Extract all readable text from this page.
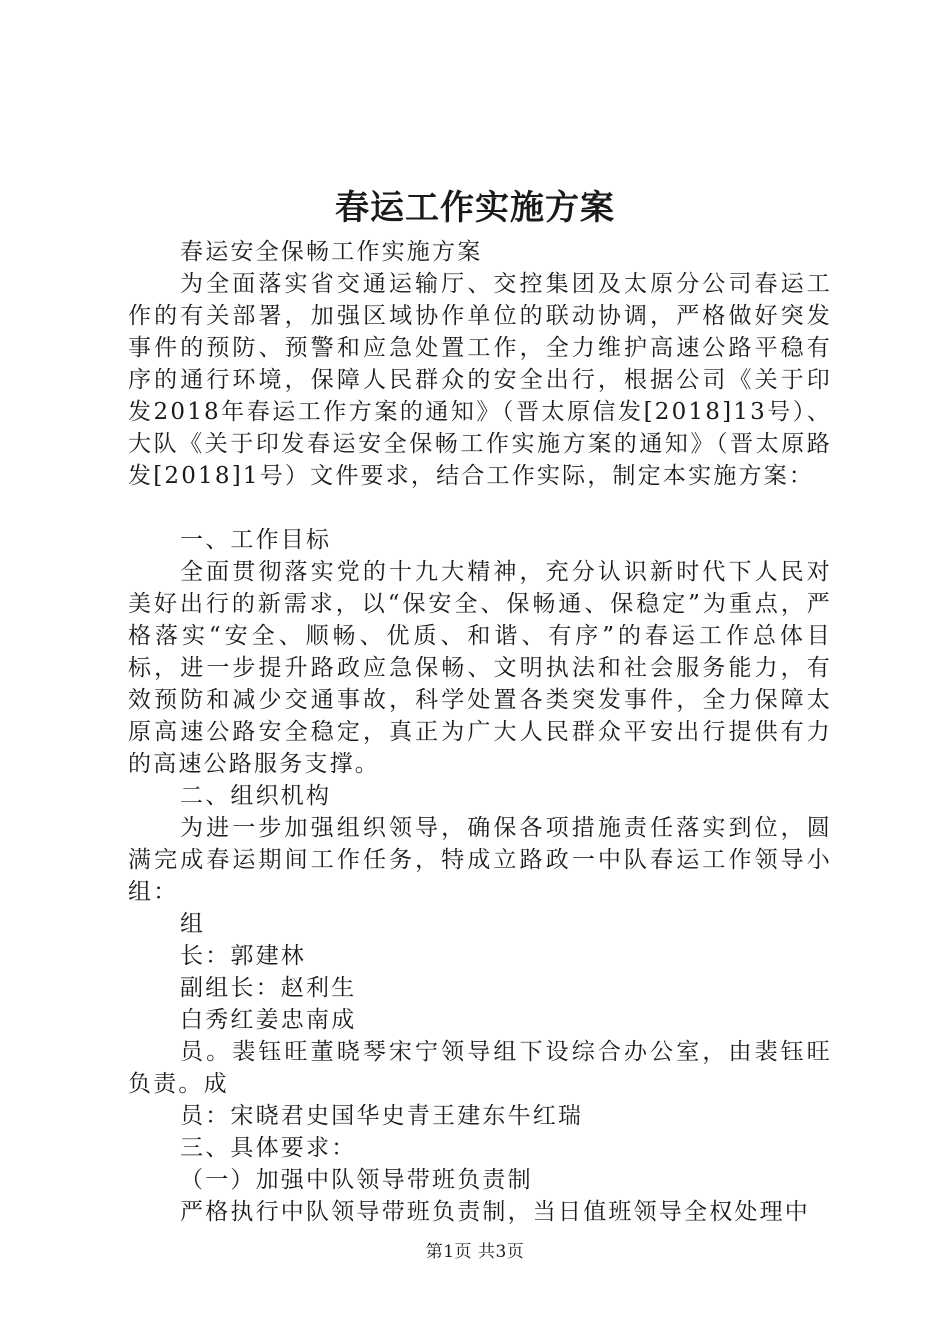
春运工作实施方案

春运安全保畅工作实施方案

为全面落实省交通运输厅、交控集团及太原分公司春运工作的有关部署，加强区域协作单位的联动协调，严格做好突发事件的预防、预警和应急处置工作，全力维护高速公路平稳有序的通行环境，保障人民群众的安全出行，根据公司《关于印发2018年春运工作方案的通知》（晋太原信发[2018]13号）、大队《关于印发春运安全保畅工作实施方案的通知》（晋太原路发[2018]1号）文件要求，结合工作实际，制定本实施方案：

一、工作目标

全面贯彻落实党的十九大精神，充分认识新时代下人民对美好出行的新需求，以“保安全、保畅通、保稳定”为重点，严格落实“安全、顺畅、优质、和谐、有序”的春运工作总体目标，进一步提升路政应急保畅、文明执法和社会服务能力，有效预防和减少交通事故，科学处置各类突发事件，全力保障太原高速公路安全稳定，真正为广大人民群众平安出行提供有力的高速公路服务支撑。

二、组织机构

为进一步加强组织领导，确保各项措施责任落实到位，圆满完成春运期间工作任务，特成立路政一中队春运工作领导小组：

组

长：郭建林

副组长：赵利生

白秀红姜忠南成

员。裴钰旺董晓琴宋宁领导组下设综合办公室，由裴钰旺负责。成

员：宋晓君史国华史青王建东牛红瑞

三、具体要求：

（一）加强中队领导带班负责制

严格执行中队领导带班负责制，当日值班领导全权处理中

第1页 共3页
